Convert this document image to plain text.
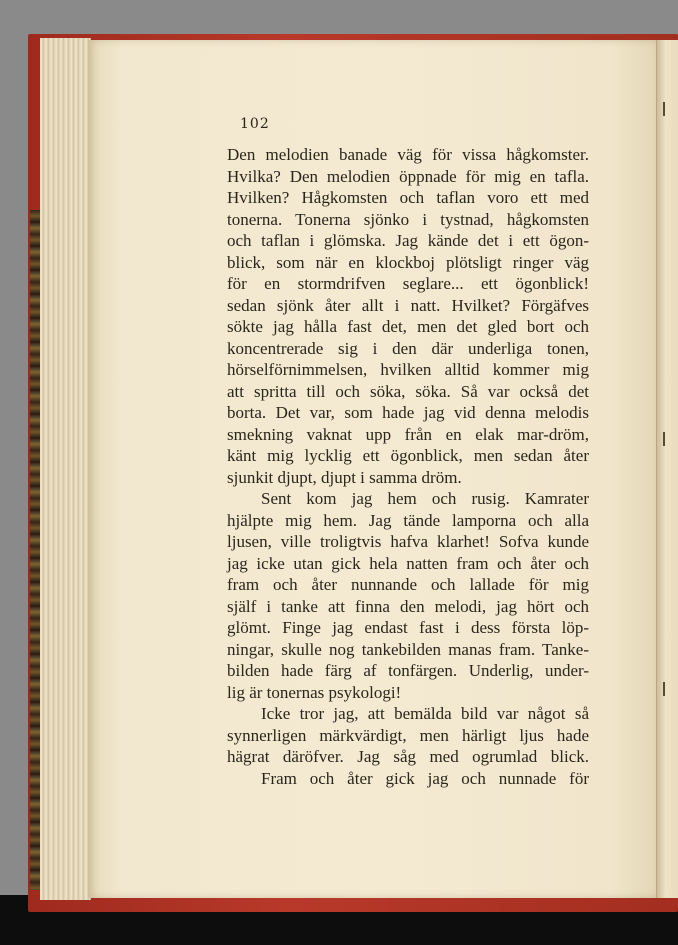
102
Den melodien banade väg för vissa hågkomster.
Hvilka? Den melodien öppnade för mig en tafla.
Hvilken? Hågkomsten och taflan voro ett med
tonerna. Tonerna sjönko i tystnad, hågkomsten
och taflan i glömska. Jag kände det i ett ögon-
blick, som när en klockboj plötsligt ringer väg
för en stormdrifven seglare... ett ögonblick!
sedan sjönk åter allt i natt. Hvilket? Förgäfves
sökte jag hålla fast det, men det gled bort och
koncentrerade sig i den där underliga tonen,
hörselförnimmelsen, hvilken alltid kommer mig
att spritta till och söka, söka. Så var också det
borta. Det var, som hade jag vid denna melodis
smekning vaknat upp från en elak mar-dröm,
känt mig lycklig ett ögonblick, men sedan åter
sjunkit djupt, djupt i samma dröm.
Sent kom jag hem och rusig. Kamrater
hjälpte mig hem. Jag tände lamporna och alla
ljusen, ville troligtvis hafva klarhet! Sofva kunde
jag icke utan gick hela natten fram och åter och
fram och åter nunnande och lallade för mig
själf i tanke att finna den melodi, jag hört och
glömt. Finge jag endast fast i dess första löp-
ningar, skulle nog tankebilden manas fram. Tanke-
bilden hade färg af tonfärgen. Underlig, under-
lig är tonernas psykologi!
Icke tror jag, att bemälda bild var något så
synnerligen märkvärdigt, men härligt ljus hade
hägrat däröfver. Jag såg med ogrumlad blick.
Fram och åter gick jag och nunnade för
